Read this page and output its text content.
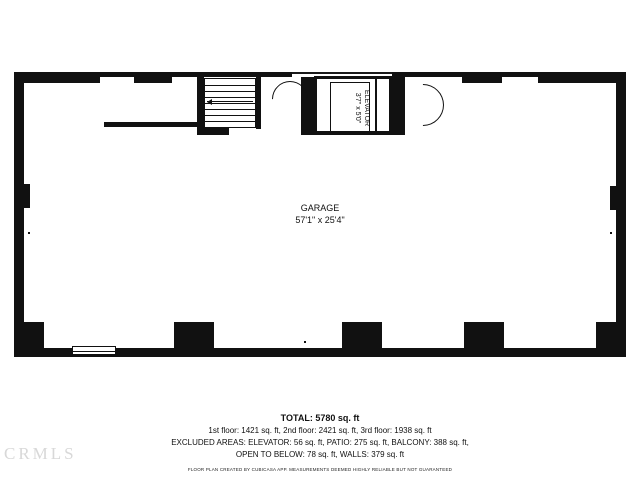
ELEVATOR
3'7" x 5'0"
GARAGE
57'1" x 25'4"
TOTAL: 5780 sq. ft
1st floor: 1421 sq. ft, 2nd floor: 2421 sq. ft, 3rd floor: 1938 sq. ft
EXCLUDED AREAS: ELEVATOR: 56 sq. ft, PATIO: 275 sq. ft, BALCONY: 388 sq. ft,
OPEN TO BELOW: 78 sq. ft, WALLS: 379 sq. ft
FLOOR PLAN CREATED BY CUBICASA APP. MEASUREMENTS DEEMED HIGHLY RELIABLE BUT NOT GUARANTEED
CRMLS
